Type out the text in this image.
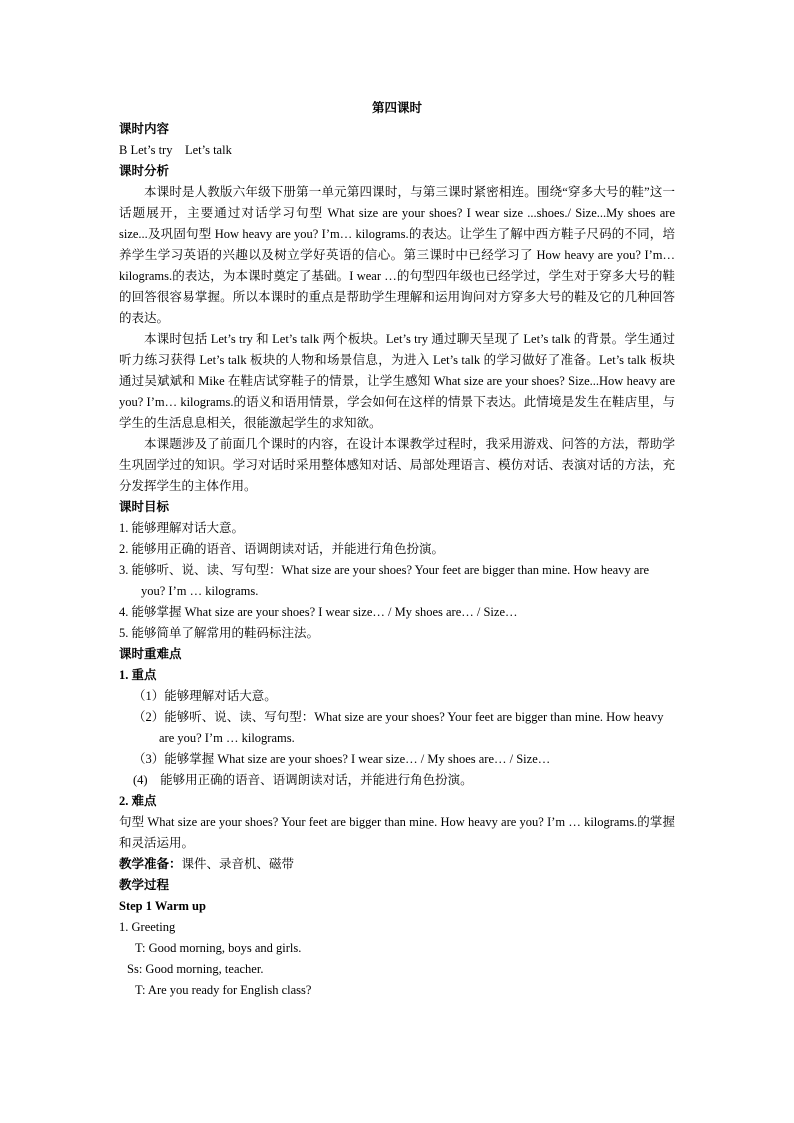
第四课时
课时内容
B Let’s try    Let’s talk
课时分析
本课时是人教版六年级下册第一单元第四课时，与第三课时紧密相连。围绕“穿多大号的鞋”这一话题展开，主要通过对话学习句型 What size are your shoes? I wear size ...shoes./ Size...My shoes are size...及巩固句型 How heavy are you? I’m… kilograms.的表达。让学生了解中西方鞋子尺码的不同，培养学生学习英语的兴趣以及树立学好英语的信心。第三课时中已经学习了 How heavy are you? I’m…kilograms.的表达，为本课时奠定了基础。I wear …的句型四年级也已经学过，学生对于穿多大号的鞋的回答很容易掌握。所以本课时的重点是帮助学生理解和运用询问对方穿多大号的鞋及它的几种回答的表达。
本课时包括 Let’s try 和 Let’s talk 两个板块。Let’s try 通过聊天呈现了 Let’s talk 的背景。学生通过听力练习获得 Let’s talk 板块的人物和场景信息，为进入 Let’s talk 的学习做好了准备。Let’s talk 板块通过吴斌斌和 Mike 在鞋店试穿鞋子的情景，让学生感知 What size are your shoes? Size...How heavy are you? I’m… kilograms.的语义和语用情景，学会如何在这样的情景下表达。此情境是发生在鞋店里，与学生的生活息息相关，很能激起学生的求知欲。
本课题涉及了前面几个课时的内容，在设计本课教学过程时，我采用游戏、问答的方法，帮助学生巩固学过的知识。学习对话时采用整体感知对话、局部处理语言、模仿对话、表演对话的方法，充分发挥学生的主体作用。
课时目标
1. 能够理解对话大意。
2. 能够用正确的语音、语调朗读对话，并能进行角色扮演。
3. 能够听、说、读、写句型：What size are your shoes? Your feet are bigger than mine. How heavy are you? I’m … kilograms.
4. 能够掌握 What size are your shoes? I wear size… / My shoes are… / Size…
5. 能够简单了解常用的鞋码标注法。
课时重难点
1. 重点
（1）能够理解对话大意。
（2）能够听、说、读、写句型：What size are your shoes? Your feet are bigger than mine. How heavy are you? I’m … kilograms.
（3）能够掌握 What size are your shoes? I wear size… / My shoes are… / Size…
(4)    能够用正确的语音、语调朗读对话，并能进行角色扮演。
2. 难点
句型 What size are your shoes? Your feet are bigger than mine. How heavy are you? I’m … kilograms.的掌握和灵活运用。
教学准备：课件、录音机、磁带
教学过程
Step 1 Warm up
1. Greeting
T: Good morning, boys and girls.
Ss: Good morning, teacher.
T: Are you ready for English class?
